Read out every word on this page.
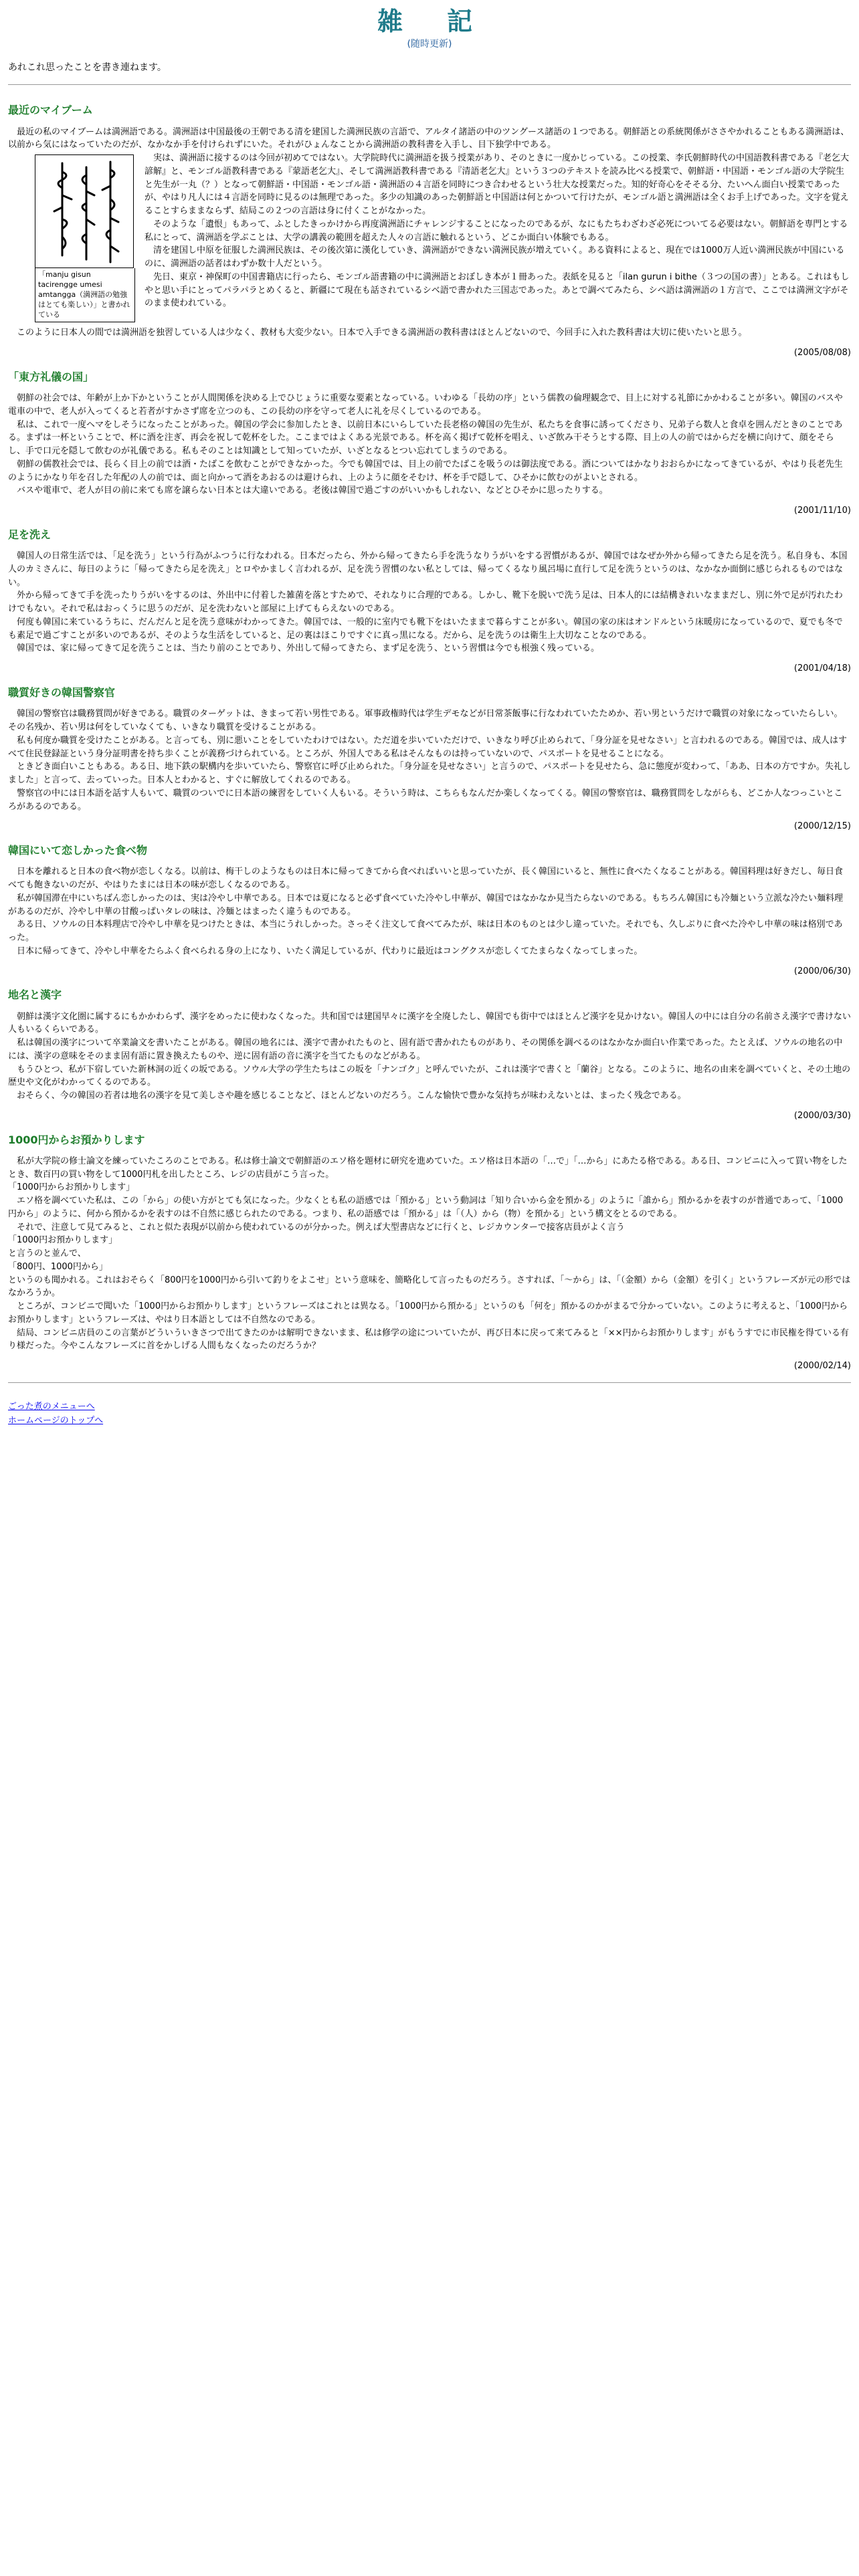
雑　記
(随時更新)
あれこれ思ったことを書き連ねます。
最近のマイブーム

最近の私のマイブームは満洲語である。満洲語は中国最後の王朝である清を建国した満洲民族の言語で、アルタイ諸語の中のツングース諸語の１つである。朝鮮語との系統関係がささやかれることもある満洲語は、以前から気にはなっていたのだが、なかなか手を付けられずにいた。それがひょんなことから満洲語の教科書を入手し、目下独学中である。

「manju gisun tacirengge umesi amtangga（満洲語の勉強はとても楽しい）」と書かれている

実は、満洲語に接するのは今回が初めてではない。大学院時代に満洲語を扱う授業があり、そのときに一度かじっている。この授業、李氏朝鮮時代の中国語教科書である『老乞大諺解』と、モンゴル語教科書である『蒙語老乞大』、そして満洲語教科書である『清語老乞大』という３つのテキストを読み比べる授業で、朝鮮語・中国語・モンゴル語の大学院生と先生が一丸（？）となって朝鮮語・中国語・モンゴル語・満洲語の４言語を同時につき合わせるという壮大な授業だった。知的好奇心をそそる分、たいへん面白い授業であったが、やはり凡人には４言語を同時に見るのは無理であった。多少の知識のあった朝鮮語と中国語は何とかついて行けたが、モンゴル語と満洲語は全くお手上げであった。文字を覚えることすらままならず、結局この２つの言語は身に付くことがなかった。

そのような「遺恨」もあって、ふとしたきっかけから再度満洲語にチャレンジすることになったのであるが、なにもたちわざわざ必死についてる必要はない。朝鮮語を専門とする私にとって、満洲語を学ぶことは、大学の講義の範囲を超えた人々の言語に触れるという、どこか面白い体験でもある。

清を建国し中原を征服した満洲民族は、その後次第に漢化していき、満洲語ができない満洲民族が増えていく。ある資料によると、現在では1000万人近い満洲民族が中国にいるのに、満洲語の話者はわずか数十人だという。

先日、東京・神保町の中国書籍店に行ったら、モンゴル語書籍の中に満洲語とおぼしき本が１冊あった。表紙を見ると「ilan gurun i bithe（３つの国の書）」とある。これはもしやと思い手にとってパラパラとめくると、新疆にて現在も話されているシベ語で書かれた三国志であった。あとで調べてみたら、シベ語は満洲語の１方言で、ここでは満洲文字がそのまま使われている。

このように日本人の間では満洲語を独習している人は少なく、教材も大変少ない。日本で入手できる満洲語の教科書はほとんどないので、今回手に入れた教科書は大切に使いたいと思う。

(2005/08/08)
「東方礼儀の国」

朝鮮の社会では、年齢が上か下かということが人間関係を決める上でひじょうに重要な要素となっている。いわゆる「長幼の序」という儒教の倫理観念で、目上に対する礼節にかかわることが多い。韓国のバスや電車の中で、老人が入ってくると若者がすかさず席を立つのも、この長幼の序を守って老人に礼を尽くしているのである。

私は、これで一度ヘマをしそうになったことがあった。韓国の学会に参加したとき、以前日本にいらしていた長老格の韓国の先生が、私たちを食事に誘ってくださり、兄弟子ら数人と食卓を囲んだときのことである。まずは一杯ということで、杯に酒を注ぎ、再会を祝して乾杯をした。ここまではよくある光景である。杯を高く掲げて乾杯を唱え、いざ飲み干そうとする際、目上の人の前ではからだを横に向けて、顔をそらし、手で口元を隠して飲むのが礼儀である。私もそのことは知識として知っていたが、いざとなるとつい忘れてしまうのである。

朝鮮の儒教社会では、長らく目上の前では酒・たばこを飲むことができなかった。今でも韓国では、目上の前でたばこを吸うのは御法度である。酒についてはかなりおおらかになってきているが、やはり長老先生のようにかなり年を召した年配の人の前では、面と向かって酒をあおるのは避けられ、上のように顔をそむけ、杯を手で隠して、ひそかに飲むのがよいとされる。

バスや電車で、老人が目の前に来ても席を譲らない日本とは大違いである。老後は韓国で過ごすのがいいかもしれない、などとひそかに思ったりする。

(2001/11/10)
足を洗え

韓国人の日常生活では、「足を洗う」という行為がふつうに行なわれる。日本だったら、外から帰ってきたら手を洗うなりうがいをする習慣があるが、韓国ではなぜか外から帰ってきたら足を洗う。私自身も、本国人のカミさんに、毎日のように「帰ってきたら足を洗え」とロやかましく言われるが、足を洗う習慣のない私としては、帰ってくるなり風呂場に直行して足を洗うというのは、なかなか面倒に感じられるものではない。

外から帰ってきて手を洗ったりうがいをするのは、外出中に付着した雑菌を落とすためで、それなりに合理的である。しかし、靴下を脱いで洗う足は、日本人的には結構きれいなままだし、別に外で足が汚れたわけでもない。それで私はおっくうに思うのだが、足を洗わないと部屋に上げてもらえないのである。

何度も韓国に来ているうちに、だんだんと足を洗う意味がわかってきた。韓国では、一般的に室内でも靴下をはいたままで暮らすことが多い。韓国の家の床はオンドルという床暖房になっているので、夏でも冬でも素足で過ごすことが多いのであるが、そのような生活をしていると、足の裏はほこりですぐに真っ黒になる。だから、足を洗うのは衛生上大切なことなのである。

韓国では、家に帰ってきて足を洗うことは、当たり前のことであり、外出して帰ってきたら、まず足を洗う、という習慣は今でも根強く残っている。

(2001/04/18)
職質好きの韓国警察官

韓国の警察官は職務質問が好きである。職質のターゲットは、きまって若い男性である。軍事政権時代は学生デモなどが日常茶飯事に行なわれていたためか、若い男というだけで職質の対象になっていたらしい。その名残か、若い男は何をしていなくても、いきなり職質を受けることがある。

私も何度か職質を受けたことがある。と言っても、別に悪いことをしていたわけではない。ただ道を歩いていただけで、いきなり呼び止められて、「身分証を見せなさい」と言われるのである。韓国では、成人はすべて住民登録証という身分証明書を持ち歩くことが義務づけられている。ところが、外国人である私はそんなものは持っていないので、パスポートを見せることになる。

ときどき面白いこともある。ある日、地下鉄の駅構内を歩いていたら、警察官に呼び止められた。「身分証を見せなさい」と言うので、パスポートを見せたら、急に態度が変わって、「ああ、日本の方ですか。失礼しました」と言って、去っていった。日本人とわかると、すぐに解放してくれるのである。

警察官の中には日本語を話す人もいて、職質のついでに日本語の練習をしていく人もいる。そういう時は、こちらもなんだか楽しくなってくる。韓国の警察官は、職務質問をしながらも、どこか人なつっこいところがあるのである。

(2000/12/15)
韓国にいて恋しかった食べ物

日本を離れると日本の食べ物が恋しくなる。以前は、梅干しのようなものは日本に帰ってきてから食べればいいと思っていたが、長く韓国にいると、無性に食べたくなることがある。韓国料理は好きだし、毎日食べても飽きないのだが、やはりたまには日本の味が恋しくなるのである。

私が韓国滞在中にいちばん恋しかったのは、実は冷やし中華である。日本では夏になると必ず食べていた冷やし中華が、韓国ではなかなか見当たらないのである。もちろん韓国にも冷麺という立派な冷たい麺料理があるのだが、冷やし中華の甘酸っぱいタレの味は、冷麺とはまったく違うものである。

ある日、ソウルの日本料理店で冷やし中華を見つけたときは、本当にうれしかった。さっそく注文して食べてみたが、味は日本のものとは少し違っていた。それでも、久しぶりに食べた冷やし中華の味は格別であった。

日本に帰ってきて、冷やし中華をたらふく食べられる身の上になり、いたく満足しているが、代わりに最近はコングクスが恋しくてたまらなくなってしまった。

(2000/06/30)
地名と漢字

朝鮮は漢字文化圏に属するにもかかわらず、漢字をめったに使わなくなった。共和国では建国早々に漢字を全廃したし、韓国でも街中ではほとんど漢字を見かけない。韓国人の中には自分の名前さえ漢字で書けない人もいるくらいである。

私は韓国の漢字について卒業論文を書いたことがある。韓国の地名には、漢字で書かれたものと、固有語で書かれたものがあり、その関係を調べるのはなかなか面白い作業であった。たとえば、ソウルの地名の中には、漢字の意味をそのまま固有語に置き換えたものや、逆に固有語の音に漢字を当てたものなどがある。

もうひとつ、私が下宿していた新林洞の近くの坂である。ソウル大学の学生たちはこの坂を「ナンゴク」と呼んでいたが、これは漢字で書くと「蘭谷」となる。このように、地名の由来を調べていくと、その土地の歴史や文化がわかってくるのである。

おそらく、今の韓国の若者は地名の漢字を見て美しさや趣を感じることなど、ほとんどないのだろう。こんな愉快で豊かな気持ちが味わえないとは、まったく残念である。

(2000/03/30)
1000円からお預かりします

私が大学院の修士論文を練っていたころのことである。私は修士論文で朝鮮語のエソ格を題材に研究を進めていた。エソ格は日本語の「…で」「…から」にあたる格である。ある日、コンビニに入って買い物をしたとき、数百円の買い物をして1000円札を出したところ、レジの店員がこう言った。

「1000円からお預かりします」

エソ格を調べていた私は、この「から」の使い方がとても気になった。少なくとも私の語感では「預かる」という動詞は「知り合いから金を預かる」のように「誰から」預かるかを表すのが普通であって、「1000円から」のように、何から預かるかを表すのは不自然に感じられたのである。つまり、私の語感では「預かる」は「（人）から（物）を預かる」という構文をとるのである。

それで、注意して見てみると、これと似た表現が以前から使われているのが分かった。例えば大型書店などに行くと、レジカウンターで接客店員がよく言う

「1000円お預かりします」

と言うのと並んで、

「800円、1000円から」

というのも聞かれる。これはおそらく「800円を1000円から引いて釣りをよこせ」という意味を、簡略化して言ったものだろう。さすれば、「〜から」は、「（金額）から（金額）を引く」というフレーズが元の形ではなかろうか。

ところが、コンビニで聞いた「1000円からお預かりします」というフレーズはこれとは異なる。「1000円から預かる」というのも「何を」預かるのかがまるで分かっていない。このように考えると、「1000円からお預かりします」というフレーズは、やはり日本語としては不自然なのである。

結局、コンビニ店員のこの言葉がどういういきさつで出てきたのかは解明できないまま、私は修学の途についていたが、再び日本に戻って来てみると「××円からお預かりします」がもうすでに市民権を得ている有り様だった。今やこんなフレーズに首をかしげる人間もなくなったのだろうか？

(2000/02/14)
ごった煮のメニューへ
ホームページのトップへ
